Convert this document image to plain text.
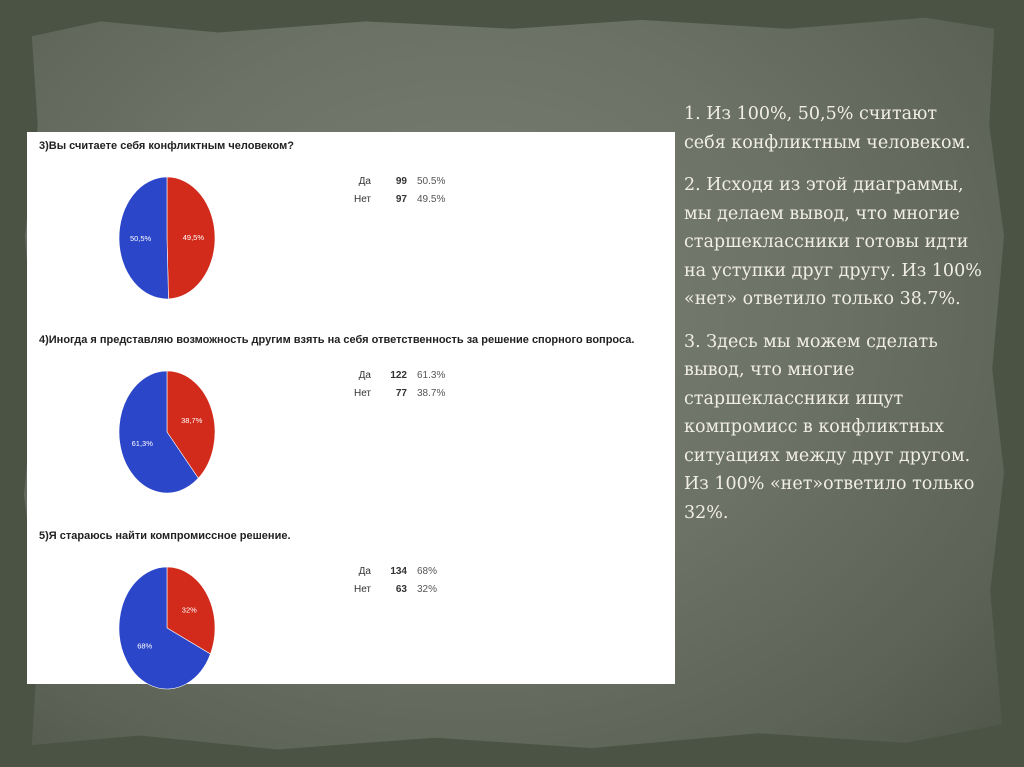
3)Вы считаете себя конфликтным человеком?
49,5%
50,5%
Да	99	50.5%
Нет	97	49.5%
4)Иногда я представляю возможность другим взять на себя ответственность за решение спорного вопроса.
38,7%
61,3%
Да	122	61.3%
Нет	77	38.7%
5)Я стараюсь найти компромиссное решение.
32%
68%
Да	134	68%
Нет	63	32%

1. Из 100%, 50,5% считают себя конфликтным человеком.

2. Исходя из этой диаграммы, мы делаем вывод, что многие старшеклассники готовы идти на уступки друг другу. Из 100% «нет» ответило только 38.7%.

3. Здесь мы можем сделать вывод, что многие старшеклассники ищут компромисс в конфликтных ситуациях между друг другом. Из 100% «нет»ответило только 32%.
